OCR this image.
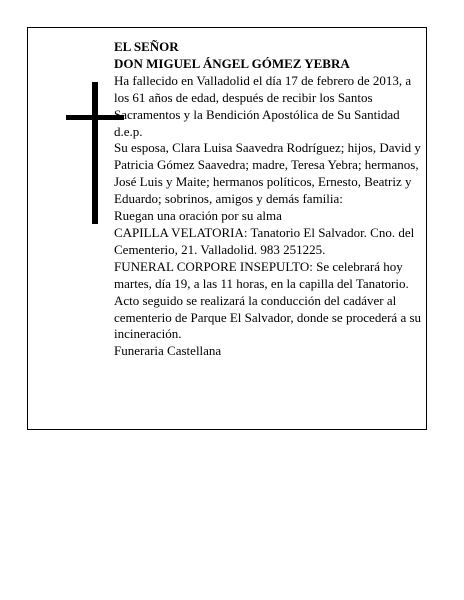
EL SEÑOR

DON MIGUEL ÁNGEL GÓMEZ YEBRA

Ha fallecido en Valladolid el día 17 de febrero de 2013, a los 61 años de edad, después de recibir los Santos Sacramentos y la Bendición Apostólica de Su Santidad d.e.p.

Su esposa, Clara Luisa Saavedra Rodríguez; hijos, David y Patricia Gómez Saavedra; madre, Teresa Yebra; hermanos, José Luis y Maite; hermanos políticos, Ernesto, Beatriz y Eduardo; sobrinos, amigos y demás familia:

Ruegan una oración por su alma

CAPILLA VELATORIA: Tanatorio El Salvador. Cno. del Cementerio, 21. Valladolid. 983 251225.

FUNERAL CORPORE INSEPULTO: Se celebrará hoy martes, día 19, a las 11 horas, en la capilla del Tanatorio. Acto seguido se realizará la conducción del cadáver al cementerio de Parque El Salvador, donde se procederá a su incineración.

Funeraria Castellana
